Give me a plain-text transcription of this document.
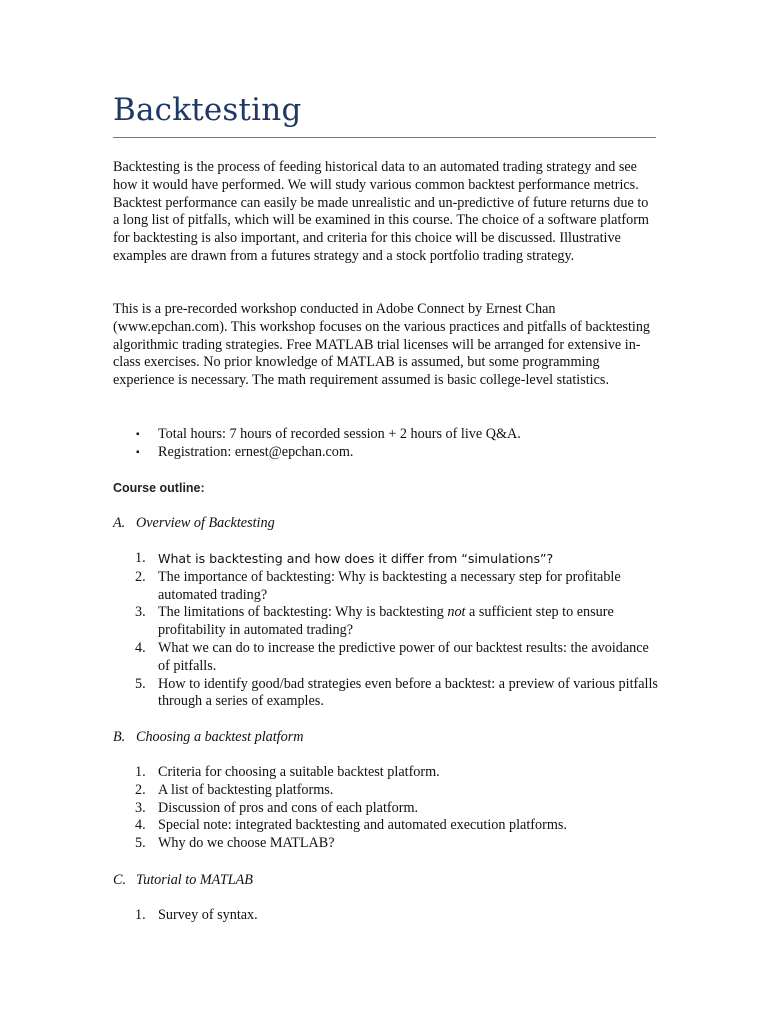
Backtesting

Backtesting is the process of feeding historical data to an automated trading strategy and see how it would have performed. We will study various common backtest performance metrics. Backtest performance can easily be made unrealistic and un-predictive of future returns due to a long list of pitfalls, which will be examined in this course. The choice of a software platform for backtesting is also important, and criteria for this choice will be discussed. Illustrative examples are drawn from a futures strategy and a stock portfolio trading strategy.

This is a pre-recorded workshop conducted in Adobe Connect by Ernest Chan (www.epchan.com). This workshop focuses on the various practices and pitfalls of backtesting algorithmic trading strategies. Free MATLAB trial licenses will be arranged for extensive in-class exercises. No prior knowledge of MATLAB is assumed, but some programming experience is necessary. The math requirement assumed is basic college-level statistics.

▪ Total hours: 7 hours of recorded session + 2 hours of live Q&A.
▪ Registration: ernest@epchan.com.
Course outline:
A. Overview of Backtesting
1. What is backtesting and how does it differ from “simulations”?
2. The importance of backtesting: Why is backtesting a necessary step for profitable automated trading?
3. The limitations of backtesting: Why is backtesting not a sufficient step to ensure profitability in automated trading?
4. What we can do to increase the predictive power of our backtest results: the avoidance of pitfalls.
5. How to identify good/bad strategies even before a backtest: a preview of various pitfalls through a series of examples.
B. Choosing a backtest platform
1. Criteria for choosing a suitable backtest platform.
2. A list of backtesting platforms.
3. Discussion of pros and cons of each platform.
4. Special note: integrated backtesting and automated execution platforms.
5. Why do we choose MATLAB?
C. Tutorial to MATLAB
1. Survey of syntax.
